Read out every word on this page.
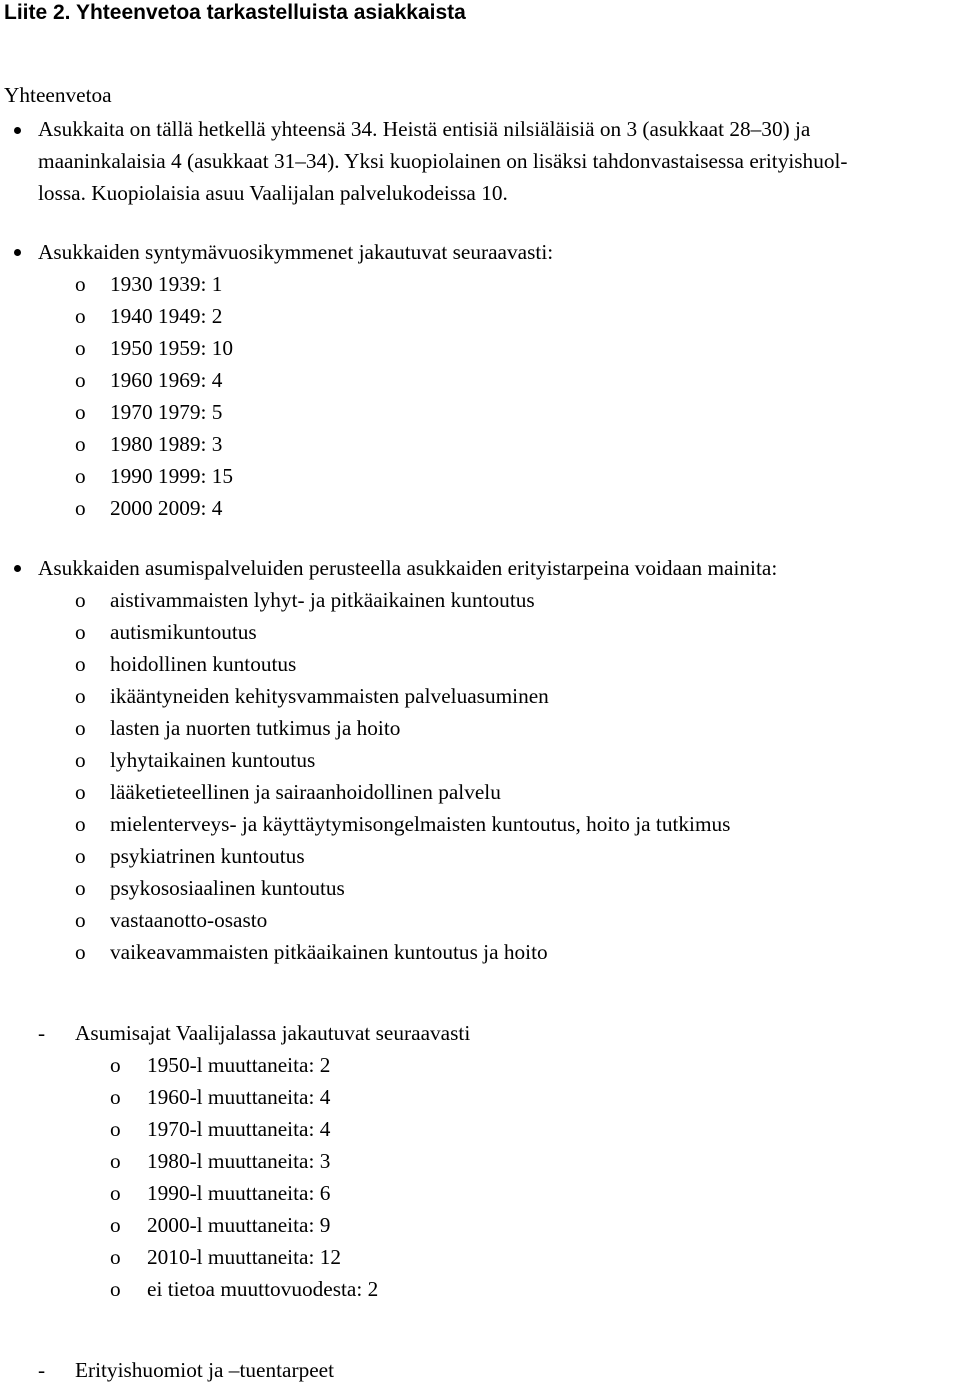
Liite 2. Yhteenvetoa tarkastelluista asiakkaista
Yhteenvetoa
Asukkaita on tällä hetkellä yhteensä 34. Heistä entisiä nilsiäläisiä on 3 (asukkaat 28–30) ja
maaninkalaisia 4 (asukkaat 31–34). Yksi kuopiolainen on lisäksi tahdonvastaisessa erityishuol-
lossa. Kuopiolaisia asuu Vaalijalan palvelukodeissa 10.
Asukkaiden syntymävuosikymmenet jakautuvat seuraavasti:
o 1930 1939: 1
o 1940 1949: 2
o 1950 1959: 10
o 1960 1969: 4
o 1970 1979: 5
o 1980 1989: 3
o 1990 1999: 15
o 2000 2009: 4
Asukkaiden asumispalveluiden perusteella asukkaiden erityistarpeina voidaan mainita:
o aistivammaisten lyhyt- ja pitkäaikainen kuntoutus
o autismikuntoutus
o hoidollinen kuntoutus
o ikääntyneiden kehitysvammaisten palveluasuminen
o lasten ja nuorten tutkimus ja hoito
o lyhytaikainen kuntoutus
o lääketieteellinen ja sairaanhoidollinen palvelu
o mielenterveys- ja käyttäytymisongelmaisten kuntoutus, hoito ja tutkimus
o psykiatrinen kuntoutus
o psykososiaalinen kuntoutus
o vastaanotto-osasto
o vaikeavammaisten pitkäaikainen kuntoutus ja hoito
- Asumisajat Vaalijalassa jakautuvat seuraavasti
o 1950-l muuttaneita: 2
o 1960-l muuttaneita: 4
o 1970-l muuttaneita: 4
o 1980-l muuttaneita: 3
o 1990-l muuttaneita: 6
o 2000-l muuttaneita: 9
o 2010-l muuttaneita: 12
o ei tietoa muuttovuodesta: 2
- Erityishuomiot ja –tuentarpeet
